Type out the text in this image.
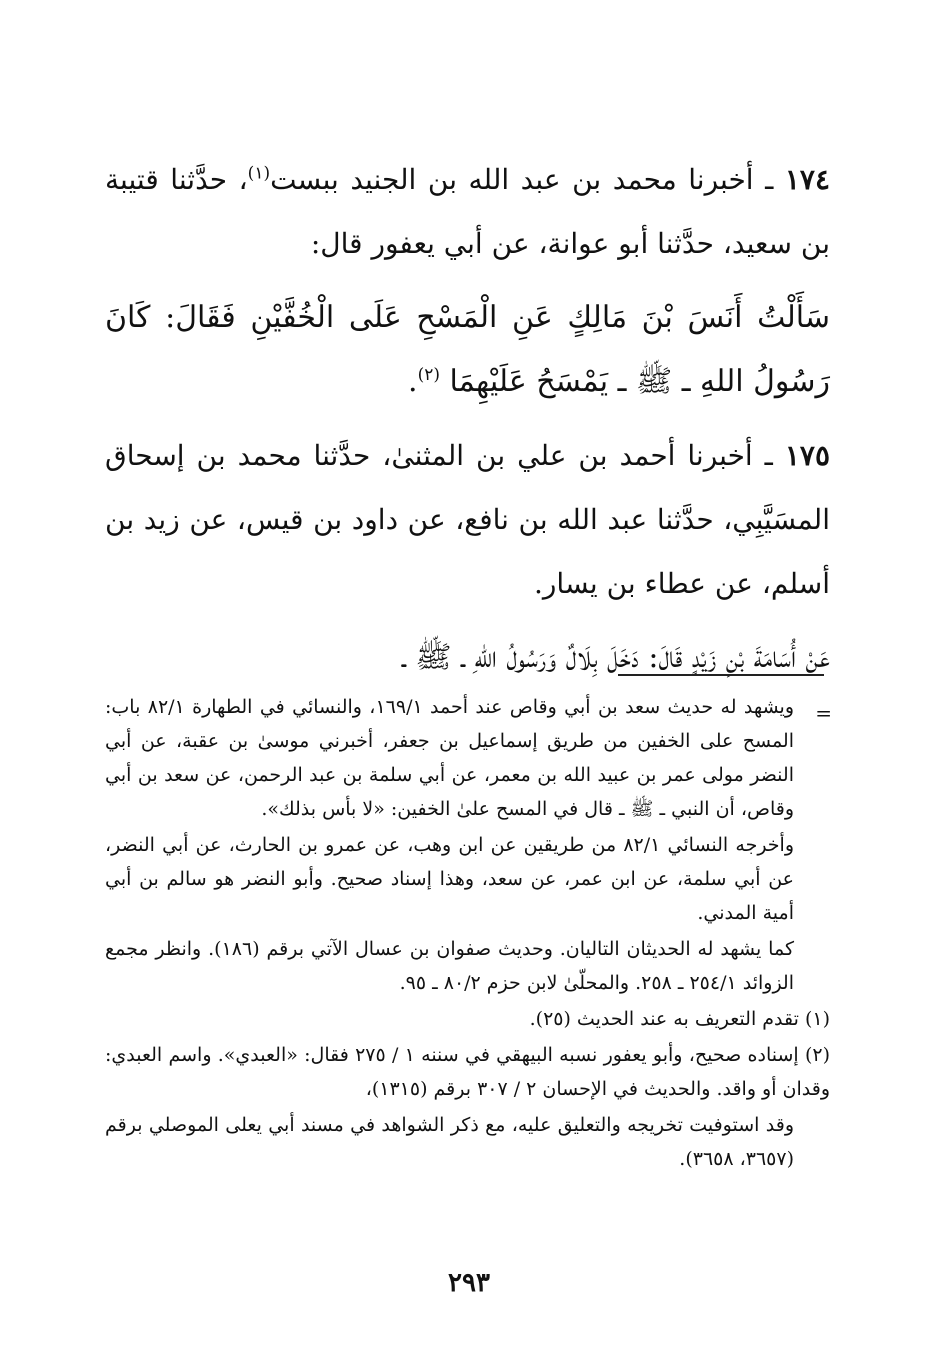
١٧٤ ـ أخبرنا محمد بن عبد الله بن الجنيد ببست$^{(١)}$، حدَّثنا قتيبة بن سعيد، حدَّثنا أبو عوانة، عن أبي يعفور قال:

سَأَلْتُ أَنَسَ بْنَ مَالِكٍ عَنِ الْمَسْحِ عَلَى الْخُفَّيْنِ فَقَالَ: كَانَ رَسُولُ اللهِ ـ ﷺ ـ يَمْسَحُ عَلَيْهِمَا $^{(٢)}$.

١٧٥ ـ أخبرنا أحمد بن علي بن المثنىٰ، حدَّثنا محمد بن إسحاق المسَيَّبِي، حدَّثنا عبد الله بن نافع، عن داود بن قيس، عن زيد بن أسلم، عن عطاء بن يسار.

عَنْ أُسَامَةَ بْنِ زَيْدٍ قَالَ: دَخَلَ بِلَالٌ وَرَسُولُ اللهِ ـ ﷺ ـ

=

ويشهد له حديث سعد بن أبي وقاص عند أحمد ١٦٩/١، والنسائي في الطهارة ٨٢/١ باب: المسح على الخفين من طريق إسماعيل بن جعفر، أخبرني موسىٰ بن عقبة، عن أبي النضر مولى عمر بن عبيد الله بن معمر، عن أبي سلمة بن عبد الرحمن، عن سعد بن أبي وقاص، أن النبي ـ ﷺ ـ قال في المسح علىٰ الخفين: «لا بأس بذلك».

وأخرجه النسائي ٨٢/١ من طريقين عن ابن وهب، عن عمرو بن الحارث، عن أبي النضر، عن أبي سلمة، عن ابن عمر، عن سعد، وهذا إسناد صحيح. وأبو النضر هو سالم بن أبي أمية المدني.

كما يشهد له الحديثان التاليان. وحديث صفوان بن عسال الآتي برقم (١٨٦). وانظر مجمع الزوائد ٢٥٤/١ ـ ٢٥٨. والمحلّىٰ لابن حزم ٨٠/٢ ـ ٩٥.

(١) تقدم التعريف به عند الحديث (٢٥).

(٢) إسناده صحيح، وأبو يعفور نسبه البيهقي في سننه ١ / ٢٧٥ فقال: «العبدي». واسم العبدي: وقدان أو واقد. والحديث في الإحسان ٢ / ٣٠٧ برقم (١٣١٥)،

وقد استوفيت تخريجه والتعليق عليه، مع ذكر الشواهد في مسند أبي يعلى الموصلي برقم (٣٦٥٧، ٣٦٥٨).

٢٩٣
